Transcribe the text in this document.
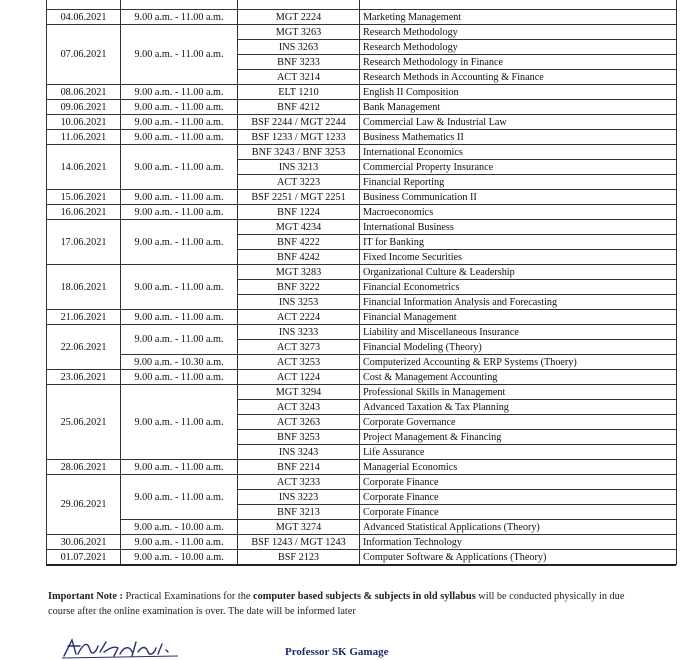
04.06.2021	9.00 a.m. - 11.00 a.m.	MGT 2224	Marketing Management
07.06.2021	9.00 a.m. - 11.00 a.m.	MGT 3263	Research Methodology
		INS 3263	Research Methodology
		BNF 3233	Research Methodology in Finance
		ACT 3214	Research Methods in Accounting & Finance
08.06.2021	9.00 a.m. - 11.00 a.m.	ELT 1210	English II Composition
09.06.2021	9.00 a.m. - 11.00 a.m.	BNF 4212	Bank Management
10.06.2021	9.00 a.m. - 11.00 a.m.	BSF 2244 / MGT 2244	Commercial Law & Industrial Law
11.06.2021	9.00 a.m. - 11.00 a.m.	BSF 1233 / MGT 1233	Business Mathematics II
14.06.2021	9.00 a.m. - 11.00 a.m.	BNF 3243 / BNF 3253	International Economics
		INS 3213	Commercial Property Insurance
		ACT 3223	Financial Reporting
15.06.2021	9.00 a.m. - 11.00 a.m.	BSF 2251 / MGT 2251	Business Communication II
16.06.2021	9.00 a.m. - 11.00 a.m.	BNF 1224	Macroeconomics
17.06.2021	9.00 a.m. - 11.00 a.m.	MGT 4234	International Business
		BNF 4222	IT for Banking
		BNF 4242	Fixed Income Securities
18.06.2021	9.00 a.m. - 11.00 a.m.	MGT 3283	Organizational Culture & Leadership
		BNF 3222	Financial Econometrics
		INS 3253	Financial Information Analysis and Forecasting
21.06.2021	9.00 a.m. - 11.00 a.m.	ACT 2224	Financial Management
22.06.2021	9.00 a.m. - 11.00 a.m.	INS 3233	Liability and Miscellaneous Insurance
		ACT 3273	Financial Modeling (Theory)
	9.00 a.m. - 10.30 a.m.	ACT 3253	Computerized Accounting & ERP Systems (Thoery)
23.06.2021	9.00 a.m. - 11.00 a.m.	ACT 1224	Cost & Management Accounting
25.06.2021	9.00 a.m. - 11.00 a.m.	MGT 3294	Professional Skills in Management
		ACT 3243	Advanced Taxation & Tax Planning
		ACT 3263	Corporate Governance
		BNF 3253	Project Management & Financing
		INS 3243	Life Assurance
28.06.2021	9.00 a.m. - 11.00 a.m.	BNF 2214	Managerial Economics
29.06.2021	9.00 a.m. - 11.00 a.m.	ACT 3233	Corporate Finance
		INS 3223	Corporate Finance
		BNF 3213	Corporate Finance
	9.00 a.m. - 10.00 a.m.	MGT 3274	Advanced Statistical Applications (Theory)
30.06.2021	9.00 a.m. - 11.00 a.m.	BSF 1243 / MGT 1243	Information Technology
01.07.2021	9.00 a.m. - 10.00 a.m.	BSF 2123	Computer Software & Applications (Theory)
Important Note : Practical Examinations for the computer based subjects & subjects in old syllabus will be conducted physically in due course after the online examination is over. The date will be informed later
Professor SK Gamage
